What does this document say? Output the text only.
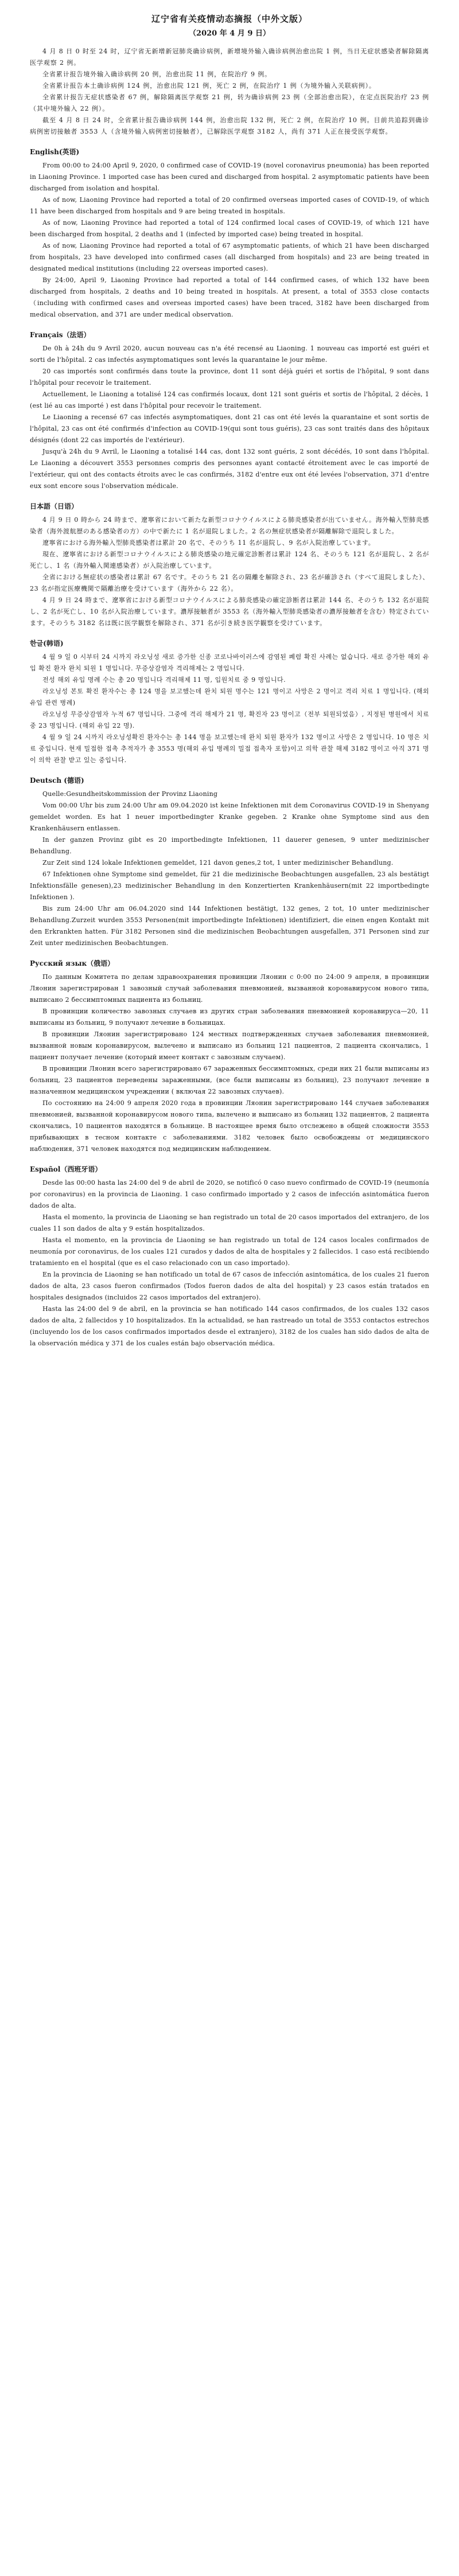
辽宁省有关疫情动态摘报（中外文版）
（2020 年 4 月 9 日）

4 月 8 日 0 时至 24 时，辽宁省无新增新冠肺炎确诊病例，新增境外输入确诊病例治愈出院 1 例，当日无症状感染者解除隔离医学观察 2 例。

全省累计报告境外输入确诊病例 20 例，治愈出院 11 例，在院治疗 9 例。

全省累计报告本土确诊病例 124 例，治愈出院 121 例，死亡 2 例，在院治疗 1 例（为境外输入关联病例）。

全省累计报告无症状感染者 67 例，解除隔离医学观察 21 例，转为确诊病例 23 例（全部治愈出院），在定点医院治疗 23 例（其中境外输入 22 例）。

截至 4 月 8 日 24 时，全省累计报告确诊病例 144 例，治愈出院 132 例，死亡 2 例，在院治疗 10 例。目前共追踪到确诊病例密切接触者 3553 人（含境外输入病例密切接触者），已解除医学观察 3182 人，尚有 371 人正在接受医学观察。

English(英语)

From 00:00 to 24:00 April 9, 2020, 0 confirmed case of COVID-19 (novel coronavirus pneumonia) has been reported in Liaoning Province. 1 imported case has been cured and discharged from hospital. 2 asymptomatic patients have been discharged from isolation and hospital.

As of now, Liaoning Province had reported a total of 20 confirmed overseas imported cases of COVID-19, of which 11 have been discharged from hospitals and 9 are being treated in hospitals.

As of now, Liaoning Province had reported a total of 124 confirmed local cases of COVID-19, of which 121 have been discharged from hospital, 2 deaths and 1 (infected by imported case) being treated in hospital.

As of now, Liaoning Province had reported a total of 67 asymptomatic patients, of which 21 have been discharged from hospitals, 23 have developed into confirmed cases (all discharged from hospitals) and 23 are being treated in designated medical institutions (including 22 overseas imported cases).

By 24:00, April 9, Liaoning Province had reported a total of 144 confirmed cases, of which 132 have been discharged from hospitals, 2 deaths and 10 being treated in hospitals. At present, a total of 3553 close contacts（including with confirmed cases and overseas imported cases) have been traced, 3182 have been discharged from medical observation, and 371 are under medical observation.

Français（法语）

De 0h à 24h du 9 Avril 2020, aucun nouveau cas n'a été recensé au Liaoning. 1 nouveau cas importé est guéri et sorti de l'hôpital. 2 cas infectés asymptomatiques sont levés la quarantaine le jour même.

20 cas importés sont confirmés dans toute la province, dont 11 sont déjà guéri et sortis de l'hôpital, 9 sont dans l'hôpital pour recevoir le traitement.

Actuellement, le Liaoning a totalisé 124 cas confirmés locaux, dont 121 sont guéris et sortis de l'hôpital, 2 décès, 1 (est lié au cas importé ) est dans l'hôpital pour recevoir le traitement.

Le Liaoning a recensé 67 cas infectés asymptomatiques, dont 21 cas ont été levés la quarantaine et sont sortis de l'hôpital, 23 cas ont été confirmés d'infection au COVID-19(qui sont tous guéris), 23 cas sont traités dans des hôpitaux désignés (dont 22 cas importés de l'extérieur).

Jusqu'à 24h du 9 Avril, le Liaoning a totalisé 144 cas, dont 132 sont guéris, 2 sont décédés, 10 sont dans l'hôpital. Le Liaoning a découvert 3553 personnes compris des personnes ayant contacté étroitement avec le cas importé de l'extérieur, qui ont des contacts étroits avec le cas confirmés, 3182 d'entre eux ont été levées l'observation, 371 d'entre eux sont encore sous l'observation médicale.

日本語（日语）

4 月 9 日 0 時から 24 時まで、遼寧省において新たな新型コロナウイルスによる肺炎感染者が出ていません。海外輸入型肺炎感染者（海外渡航歴のある感染者の方）の中で新たに 1 名が退院しました。2 名の無症状感染者が隔離解除で退院しました。

遼寧省における海外輸入型肺炎感染者は累計 20 名で、そのうち 11 名が退院し、9 名が入院治療しています。

現在、遼寧省における新型コロナウイルスによる肺炎感染の地元確定診断者は累計 124 名、そのうち 121 名が退院し、2 名が死亡し、1 名（海外輸入関連感染者）が入院治療しています。

全省における無症状の感染者は累計 67 名です。そのうち 21 名の隔離を解除され、23 名が確診され（すべて退院しました）、23 名が指定医療機関で隔離治療を受けています（海外から 22 名）。

4 月 9 日 24 時まで、遼寧省における新型コロナウイルスによる肺炎感染の確定診断者は累計 144 名、そのうち 132 名が退院し、2 名が死亡し、10 名が入院治療しています。濃厚接触者が 3553 名（海外輸入型肺炎感染者の濃厚接触者を含む）特定されています。そのうち 3182 名は既に医学観察を解除され、371 名が引き続き医学観察を受けています。

한글(韩语)

4 월 9 일 0 시부터 24 시까지 라오닝성 새로 증가한 신종 코로나바이러스에 감염된 폐렴 확진 사례는 없습니다. 새로 증가한 해외 유입 확진 환자 완치 퇴원 1 명입니다. 무증상감염자 격리해제는 2 명입니다.

전성 해외 유입 명례 수는 총 20 명입니다 격리해제 11 명, 입원치료 중 9 명입니다.

라오닝성 본토 확진 환자수는 총 124 명을 보고했는데 완치 퇴원 명수는 121 명이고 사망은 2 명이고 격리 치료 1 명입니다. (해외 유입 관련 병례)

라오닝성 무증상감염자 누적 67 명입니다. 그중에 격리 해제가 21 명, 확진자 23 명이고（전부 퇴원되었음）, 지정된 병원에서 치료 중 23 명입니다. (해외 유입 22 명).

4 월 9 일 24 시까지 라오닝성확진 환자수는 총 144 명을 보고했는데 완치 퇴원 환자가 132 명이고 사망은 2 명입니다. 10 명은 치료 중입니다. 현재 밀접한 접촉 추적자가 총 3553 명(해외 유입 병례의 밀접 접촉자 포함)이고 의학 관찰 해제 3182 명이고 아직 371 명이 의학 관찰 받고 있는 중입니다.

Deutsch (德语)

Quelle:Gesundheitskommission der Provinz Liaoning

Vom 00:00 Uhr bis zum 24:00 Uhr am 09.04.2020 ist keine Infektionen mit dem Coronavirus COVID-19 in Shenyang gemeldet worden. Es hat 1 neuer importbedingter Kranke gegeben. 2 Kranke ohne Symptome sind aus den Krankenhäusern entlassen.

In der ganzen Provinz gibt es 20 importbedingte Infektionen, 11 dauerer genesen, 9 unter medizinischer Behandlung.

Zur Zeit sind 124 lokale Infektionen gemeldet, 121 davon genes,2 tot, 1 unter medizinischer Behandlung.

67 Infektionen ohne Symptome sind gemeldet, für 21 die medizinische Beobachtungen ausgefallen, 23 als bestätigt Infektionsfälle genesen),23 medizinischer Behandlung in den Konzertierten Krankenhäusern(mit 22 importbedingte Infektionen ).

Bis zum 24:00 Uhr am 06.04.2020 sind 144 Infektionen bestätigt, 132 genes, 2 tot, 10 unter medizinischer Behandlung.Zurzeit wurden 3553 Personen(mit importbedingte Infektionen) identifiziert, die einen engen Kontakt mit den Erkrankten hatten. Für 3182 Personen sind die medizinischen Beobachtungen ausgefallen, 371 Personen sind zur Zeit unter medizinischen Beobachtungen.

Русский язык（俄语）

По данным Комитета по делам здравоохранения провинции Ляонин с 0:00 по 24:00 9 апреля, в провинции Ляонин зарегистрирован 1 завозный случай заболевания пневмонией, вызванной коронавирусом нового типа, выписано 2 бессимптомных пациента из больниц.

В провинции количество завозных случаев из других стран заболевания пневмонией коронавируса—20, 11 выписаны из больниц, 9 получают лечение в больницах.

В провинции Ляонин зарегистрировано 124 местных подтвержденных случаев заболевания пневмонией, вызванной новым коронавирусом, вылечено и выписано из больниц 121 пациентов, 2 пациента скончались, 1 пациент получает лечение (который имеет контакт с завозным случаем).

В провинции Ляонин всего зарегистрировано 67 зараженных бессимптомных, среди них 21 были выписаны из больниц, 23 пациентов переведены зараженными, (все были выписаны из больниц), 23 получают лечение в назначенном медицинском учреждении ( включая 22 завозных случаев).

По состоянию на 24:00 9 апреля 2020 года в провинции Ляонин зарегистрировано 144 случаев заболевания пневмонией, вызванной коронавирусом нового типа, вылечено и выписано из больниц 132 пациентов, 2 пациента скончались, 10 пациентов находятся в больнице. В настоящее время было отслежено в общей сложности 3553 прибывающих в тесном контакте с заболеваниями. 3182 человек было освобождены от медицинского наблюдения, 371 человек находятся под медицинским наблюдением.

Español（西班牙语）

Desde las 00:00 hasta las 24:00 del 9 de abril de 2020, se notificó 0 caso nuevo confirmado de COVID-19 (neumonía por coronavirus) en la provincia de Liaoning. 1 caso confirmado importado y 2 casos de infección asintomática fueron dados de alta.

Hasta el momento, la provincia de Liaoning se han registrado un total de 20 casos importados del extranjero, de los cuales 11 son dados de alta y 9 están hospitalizados.

Hasta el momento, en la provincia de Liaoning se han registrado un total de 124 casos locales confirmados de neumonía por coronavirus, de los cuales 121 curados y dados de alta de hospitales y 2 fallecidos. 1 caso está recibiendo tratamiento en el hospital (que es el caso relacionado con un caso importado).

En la provincia de Liaoning se han notificado un total de 67 casos de infección asintomática, de los cuales 21 fueron dados de alta, 23 casos fueron confirmados (Todos fueron dados de alta del hospital) y 23 casos están tratados en hospitales designados (incluidos 22 casos importados del extranjero).

Hasta las 24:00 del 9 de abril, en la provincia se han notificado 144 casos confirmados, de los cuales 132 casos dados de alta, 2 fallecidos y 10 hospitalizados. En la actualidad, se han rastreado un total de 3553 contactos estrechos (incluyendo los de los casos confirmados importados desde el extranjero), 3182 de los cuales han sido dados de alta de la observación médica y 371 de los cuales están bajo observación médica.
